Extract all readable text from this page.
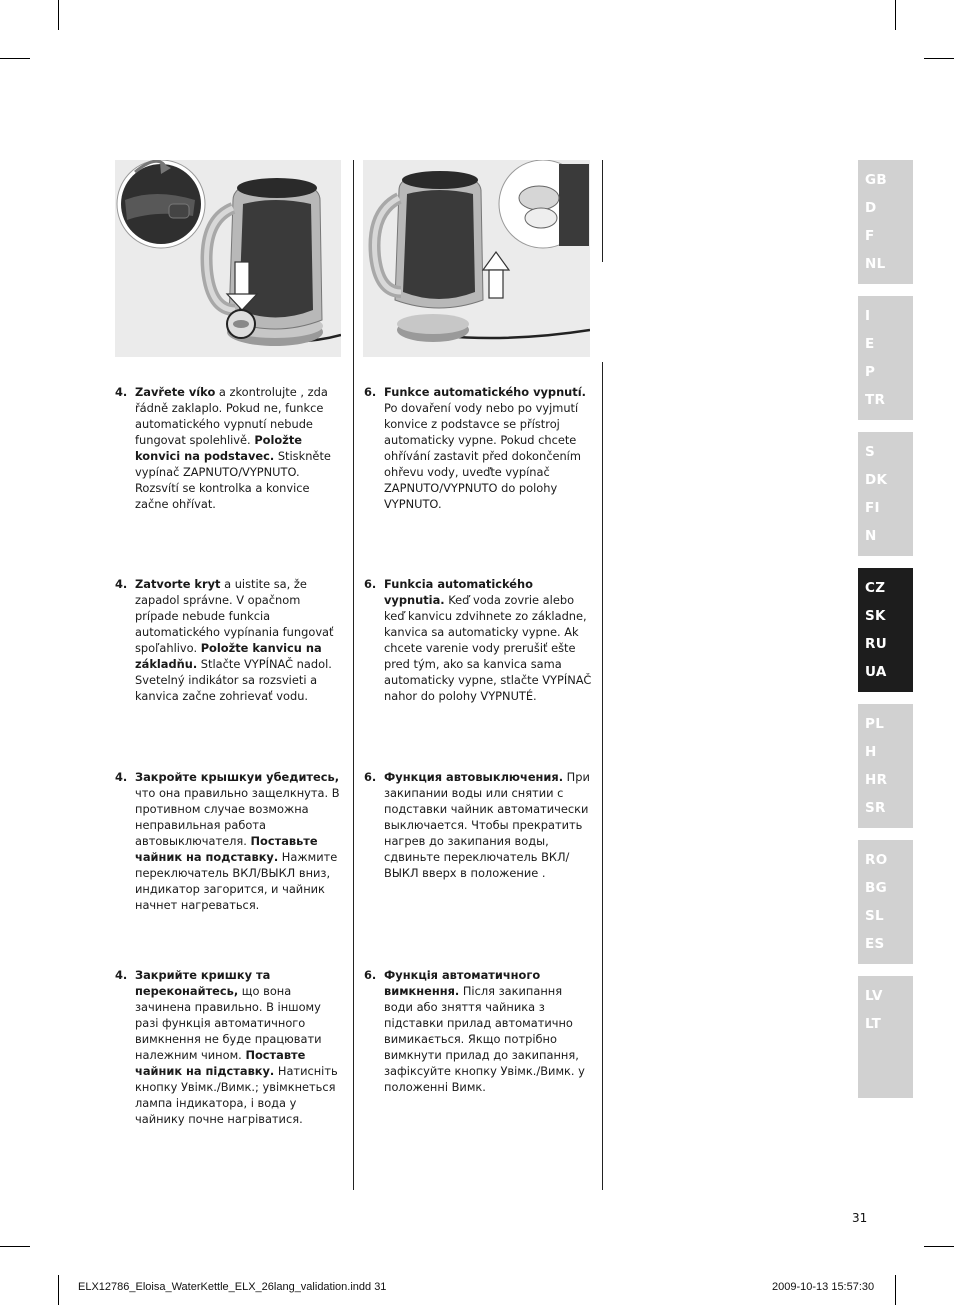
4. Zavřete víko a zkontrolujte , zda řádně zaklaplo. Pokud ne, funkce automatického vypnutí nebude fungovat spolehlivě. Položte konvici na podstavec. Stiskněte vypínač ZAPNUTO/VYPNUTO. Rozsvítí se kontrolka a konvice začne ohřívat.
4. Zatvorte kryt a uistite sa, že zapadol správne. V opačnom prípade nebude funkcia automatického vypínania fungovať spoľahlivo. Položte kanvicu na základňu. Stlačte VYPÍNAČ nadol. Svetelný indikátor sa rozsvieti a kanvica začne zohrievať vodu.
4. Закройте крышкуи убедитесь, что она правильно защелкнута. В противном случае возможна неправильная работа автовыключателя. Поставьте чайник на подставку. Нажмите переключатель ВКЛ/ВЫКЛ вниз, индикатор загорится, и чайник начнет нагреваться.
4. Закрийте кришку та переконайтесь, що вона зачинена правильно. В іншому разі функція автоматичного вимкнення не буде працювати належним чином. Поставте чайник на підставку. Натисніть кнопку Увімк./Вимк.; увімкнеться лампа індикатора, і вода у чайнику почне нагріватися.
6. Funkce automatického vypnutí. Po dovaření vody nebo po vyjmutí konvice z podstavce se přístroj automaticky vypne. Pokud chcete ohřívání zastavit před dokončením ohřevu vody, uveďte vypínač ZAPNUTO/VYPNUTO do polohy VYPNUTO.
6. Funkcia automatického vypnutia. Keď voda zovrie alebo keď kanvicu zdvihnete zo základne, kanvica sa automaticky vypne. Ak chcete varenie vody prerušiť ešte pred tým, ako sa kanvica sama automaticky vypne, stlačte VYPÍNAČ nahor do polohy VYPNUTÉ.
6. Функция автовыключения. При закипании воды или снятии с подставки чайник автоматически выключается. Чтобы прекратить нагрев до закипания воды, сдвиньте переключатель ВКЛ/ВЫКЛ вверх в положение .
6. Функція автоматичного вимкнення. Після закипання води або зняття чайника з підставки прилад автоматично вимикається. Якщо потрібно вимкнути прилад до закипання, зафіксуйте кнопку Увімк./Вимк. у положенні Вимк.
GB
D
F
NL
I
E
P
TR
S
DK
FI
N
CZ
SK
RU
UA
PL
H
HR
SR
RO
BG
SL
ES
LV
LT
31
ELX12786_Eloisa_WaterKettle_ELX_26lang_validation.indd 31	2009-10-13 15:57:30
